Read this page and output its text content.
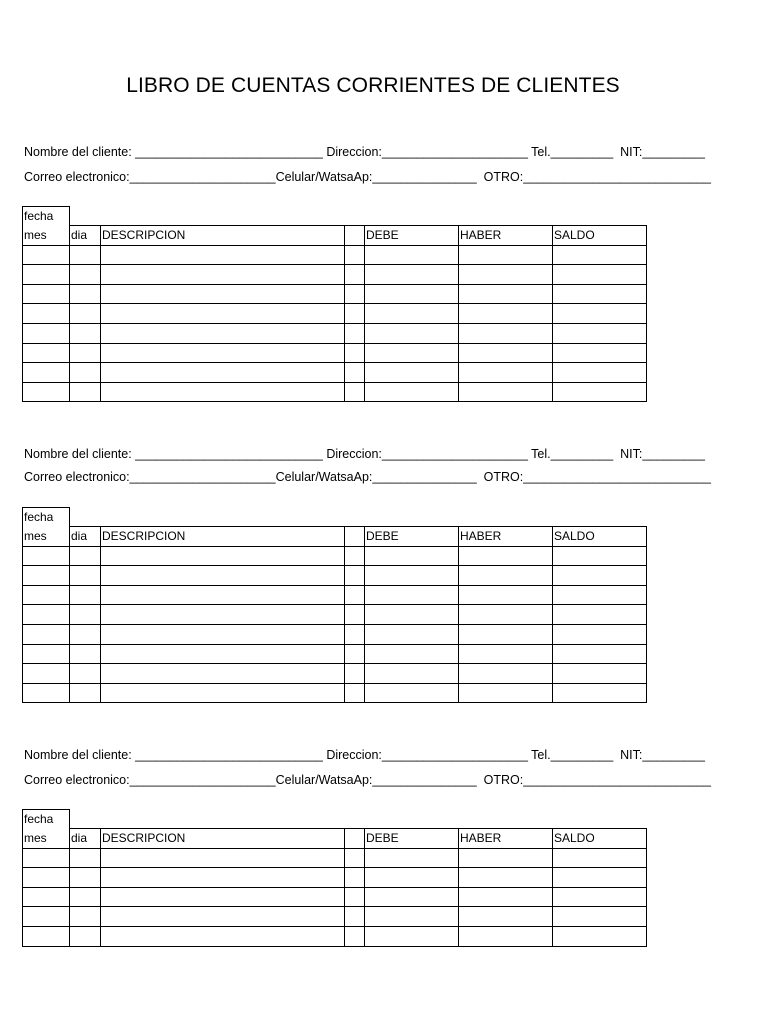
LIBRO DE CUENTAS CORRIENTES DE CLIENTES
Nombre del cliente: ___________________________ Direccion:_____________________ Tel._________  NIT:_________
Correo electronico:_____________________Celular/WatsaAp:_______________  OTRO:___________________________
fecha						
mes	dia	DESCRIPCION		DEBE	HABER	SALDO

Nombre del cliente: ___________________________ Direccion:_____________________ Tel._________  NIT:_________
Correo electronico:_____________________Celular/WatsaAp:_______________  OTRO:___________________________
fecha						
mes	dia	DESCRIPCION		DEBE	HABER	SALDO

Nombre del cliente: ___________________________ Direccion:_____________________ Tel._________  NIT:_________
Correo electronico:_____________________Celular/WatsaAp:_______________  OTRO:___________________________
fecha						
mes	dia	DESCRIPCION		DEBE	HABER	SALDO
